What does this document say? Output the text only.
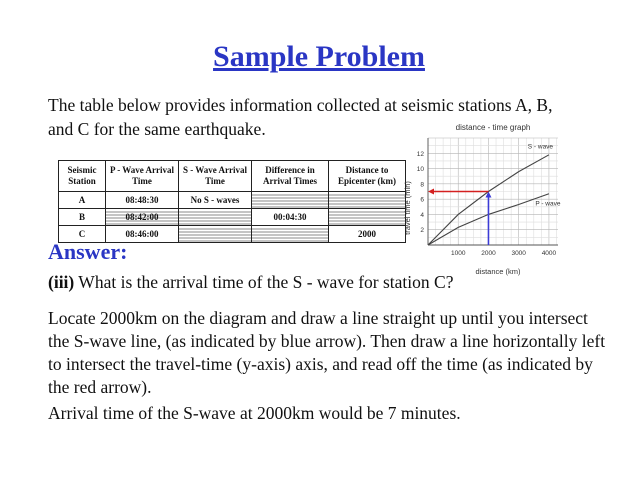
Sample Problem
The table below provides information collected at seismic stations A, B, and C for the same earthquake.
Seismic Station	P - Wave Arrival Time	S - Wave Arrival Time	Difference in Arrival Times	Distance to Epicenter (km)
A	08:48:30	No S - waves		
B	08:42:00		00:04:30	
C	08:46:00			2000
distance - time graph
travel time (min)
distance (km)
1000 2000 3000 4000
2
4
6
8
10
12
S - wave
P - wave
Answer:
(iii) What is the arrival time of the S - wave for station C?
Locate 2000km on the diagram and draw a line straight up until you intersect the S-wave line, (as indicated by blue arrow). Then draw a line horizontally left to intersect the travel-time (y-axis) axis, and read off the time (as indicated by the red arrow).
Arrival time of the S-wave at 2000km would be 7 minutes.
